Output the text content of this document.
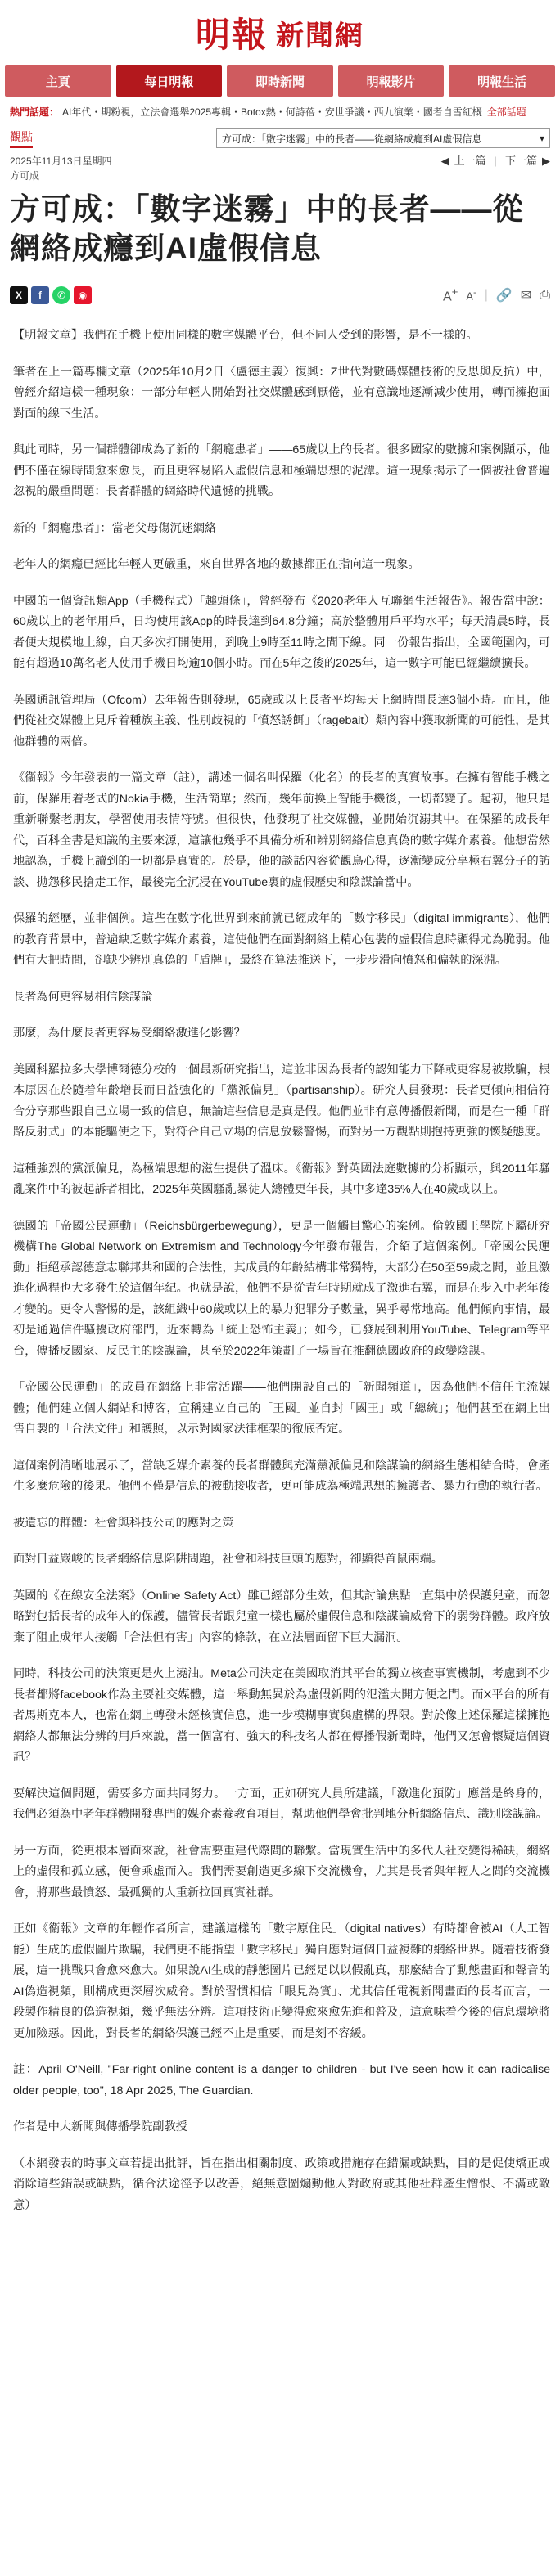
明報 新聞網
主頁	每日明報	即時新聞	明報影片	明報生活
熱門話題： AI年代・期粉視，立法會選舉2025專輯・Botox熱・何詩蓓・安世爭議・西九演業・國者自雪紅概 全部話題
觀點	方可成：「數字迷霧」中的長者——從網絡成癮到AI虛假信息	▾
2025年11月13日星期四	◀ 上一篇 | 下一篇 ▶
方可成
方可成：「數字迷霧」中的長者——從網絡成癮到AI虛假信息
X	f	✆	◉	A+ A- | 🔗 ✉ ⎙

【明報文章】我們在手機上使用同樣的數字媒體平台，但不同人受到的影響，是不一樣的。

筆者在上一篇專欄文章（2025年10月2日〈盧德主義〉復興：Z世代對數碼媒體技術的反思與反抗）中，曾經介紹這樣一種現象：一部分年輕人開始對社交媒體感到厭倦，並有意識地逐漸減少使用，轉而擁抱面對面的線下生活。

與此同時，另一個群體卻成為了新的「網癮患者」——65歲以上的長者。很多國家的數據和案例顯示，他們不僅在線時間愈來愈長，而且更容易陷入虛假信息和極端思想的泥潭。這一現象揭示了一個被社會普遍忽視的嚴重問題：長者群體的網絡時代遺憾的挑戰。

新的「網癮患者」：當老父母傷沉迷網絡

老年人的網癮已經比年輕人更嚴重，來自世界各地的數據都正在指向這一現象。

中國的一個資訊類App（手機程式）「趣頭條」，曾經發布《2020老年人互聯網生活報告》。報告當中說：60歲以上的老年用戶，日均使用該App的時長達到64.8分鐘；高於整體用戶平均水平；每天清晨5時，長者便大規模地上線，白天多次打開使用，到晚上9時至11時之間下線。同一份報告指出，全國範圍內，可能有超過10萬名老人使用手機日均逾10個小時。而在5年之後的2025年，這一數字可能已經繼續擴長。

英國通訊管理局（Ofcom）去年報告則發現，65歲或以上長者平均每天上網時間長達3個小時。而且，他們從社交媒體上見斥着種族主義、性別歧視的「憤怒誘餌」（ragebait）類內容中獲取新聞的可能性，是其他群體的兩倍。

《衞報》今年發表的一篇文章（註），講述一個名叫保羅（化名）的長者的真實故事。在擁有智能手機之前，保羅用着老式的Nokia手機，生活簡單；然而，幾年前換上智能手機後，一切都變了。起初，他只是重新聯繫老朋友，學習使用表情符號。但很快，他發現了社交媒體，並開始沉溺其中。在保羅的成長年代，百科全書是知識的主要來源，這讓他幾乎不具備分析和辨別網絡信息真偽的數字媒介素養。他想當然地認為，手機上讀到的一切都是真實的。於是，他的談話內容從觀鳥心得，逐漸變成分享極右翼分子的訪談、拋怨移民搶走工作，最後完全沉浸在YouTube裏的虛假歷史和陰謀論當中。

保羅的經歷，並非個例。這些在數字化世界到來前就已經成年的「數字移民」（digital immigrants），他們的教育背景中，普遍缺乏數字媒介素養，這使他們在面對網絡上精心包裝的虛假信息時顯得尤為脆弱。他們有大把時間，卻缺少辨別真偽的「盾牌」，最終在算法推送下，一步步滑向憤怒和偏執的深淵。

長者為何更容易相信陰謀論

那麼，為什麼長者更容易受網絡激進化影響？

美國科羅拉多大學博爾德分校的一個最新研究指出，這並非因為長者的認知能力下降或更容易被欺騙，根本原因在於隨着年齡增長而日益強化的「黨派偏見」（partisanship）。研究人員發現：長者更傾向相信符合分享那些跟自己立場一致的信息，無論這些信息是真是假。他們並非有意傳播假新聞，而是在一種「群路反射式」的本能驅使之下，對符合自己立場的信息放鬆警惕，而對另一方觀點則抱持更強的懷疑態度。

這種強烈的黨派偏見，為極端思想的滋生提供了溫床。《衞報》對英國法庭數據的分析顯示，與2011年騷亂案件中的被起訴者相比，2025年英國騷亂暴徒人總體更年長，其中多達35%人在40歲或以上。

德國的「帝國公民運動」（Reichsbürgerbewegung），更是一個觸目驚心的案例。倫敦國王學院下屬研究機構The Global Network on Extremism and Technology今年發布報告，介紹了這個案例。「帝國公民運動」拒絕承認德意志聯邦共和國的合法性，其成員的年齡結構非常獨特，大部分在50至59歲之間，並且激進化過程也大多發生於這個年紀。也就是說，他們不是從青年時期就成了激進右翼，而是在步入中老年後才變的。更令人警惕的是，該組織中60歲或以上的暴力犯罪分子數量，異乎尋常地高。他們傾向事情，最初是通過信件騷擾政府部門，近來轉為「統上恐怖主義」；如今，已發展到利用YouTube、Telegram等平台，傳播反國家、反民主的陰謀論，甚至於2022年策劃了一場旨在推翻德國政府的政變陰謀。

「帝國公民運動」的成員在網絡上非常活躍——他們開設自己的「新聞頻道」，因為他們不信任主流媒體；他們建立個人網站和博客，宣稱建立自己的「王國」並自封「國王」或「總統」；他們甚至在網上出售自製的「合法文件」和護照，以示對國家法律框架的徹底否定。

這個案例清晰地展示了，當缺乏媒介素養的長者群體與充滿黨派偏見和陰謀論的網絡生態相結合時，會產生多麼危險的後果。他們不僅是信息的被動接收者，更可能成為極端思想的擁護者、暴力行動的執行者。

被遺忘的群體：社會與科技公司的應對之策

面對日益嚴峻的長者網絡信息陷阱問題，社會和科技巨頭的應對，卻顯得首鼠兩端。

英國的《在線安全法案》（Online Safety Act）雖已經部分生效，但其討論焦點一直集中於保護兒童，而忽略對包括長者的成年人的保護，儘管長者跟兒童一樣也屬於虛假信息和陰謀論威脅下的弱勢群體。政府放棄了阻止成年人接觸「合法但有害」內容的條款，在立法層面留下巨大漏洞。

同時，科技公司的決策更是火上澆油。Meta公司決定在美國取消其平台的獨立核查事實機制，考慮到不少長者都將facebook作為主要社交媒體，這一舉動無異於為虛假新聞的氾濫大開方便之門。而X平台的所有者馬斯克本人，也常在網上轉發未經核實信息，進一步模糊事實與虛構的界限。對於像上述保羅這樣擁抱網絡人都無法分辨的用戶來說，當一個富有、強大的科技名人都在傳播假新聞時，他們又怎會懷疑這個資訊？

要解決這個問題，需要多方面共同努力。一方面，正如研究人員所建議，「激進化預防」應當是終身的，我們必須為中老年群體開發專門的媒介素養教育項目，幫助他們學會批判地分析網絡信息、識別陰謀論。

另一方面，從更根本層面來說，社會需要重建代際間的聯繫。當現實生活中的多代人社交變得稀缺，網絡上的虛假和孤立感，便會乘虛而入。我們需要創造更多線下交流機會，尤其是長者與年輕人之間的交流機會，將那些最憤怒、最孤獨的人重新拉回真實社群。

正如《衞報》文章的年輕作者所言，建議這樣的「數字原住民」（digital natives）有時都會被AI（人工智能）生成的虛假圖片欺騙，我們更不能指望「數字移民」獨自應對這個日益複雜的網絡世界。隨着技術發展，這一挑戰只會愈來愈大。如果說AI生成的靜態圖片已經足以以假亂真，那麼結合了動態畫面和聲音的AI偽造視頻，則構成更深層次威脅。對於習慣相信「眼見為實」、尤其信任電視新聞畫面的長者而言，一段製作精良的偽造視頻，幾乎無法分辨。這項技術正變得愈來愈先進和普及，這意味着今後的信息環境將更加險惡。因此，對長者的網絡保護已經不止是重要，而是刻不容緩。

註：April O'Neill, "Far-right online content is a danger to children - but I've seen how it can radicalise older people, too", 18 Apr 2025, The Guardian.

作者是中大新聞與傳播學院副教授

（本網發表的時事文章若提出批評，旨在指出相關制度、政策或措施存在錯漏或缺點，目的是促使矯正或消除這些錯誤或缺點，循合法途徑予以改善，絕無意圖煽動他人對政府或其他社群產生憎恨、不滿或敵意）
